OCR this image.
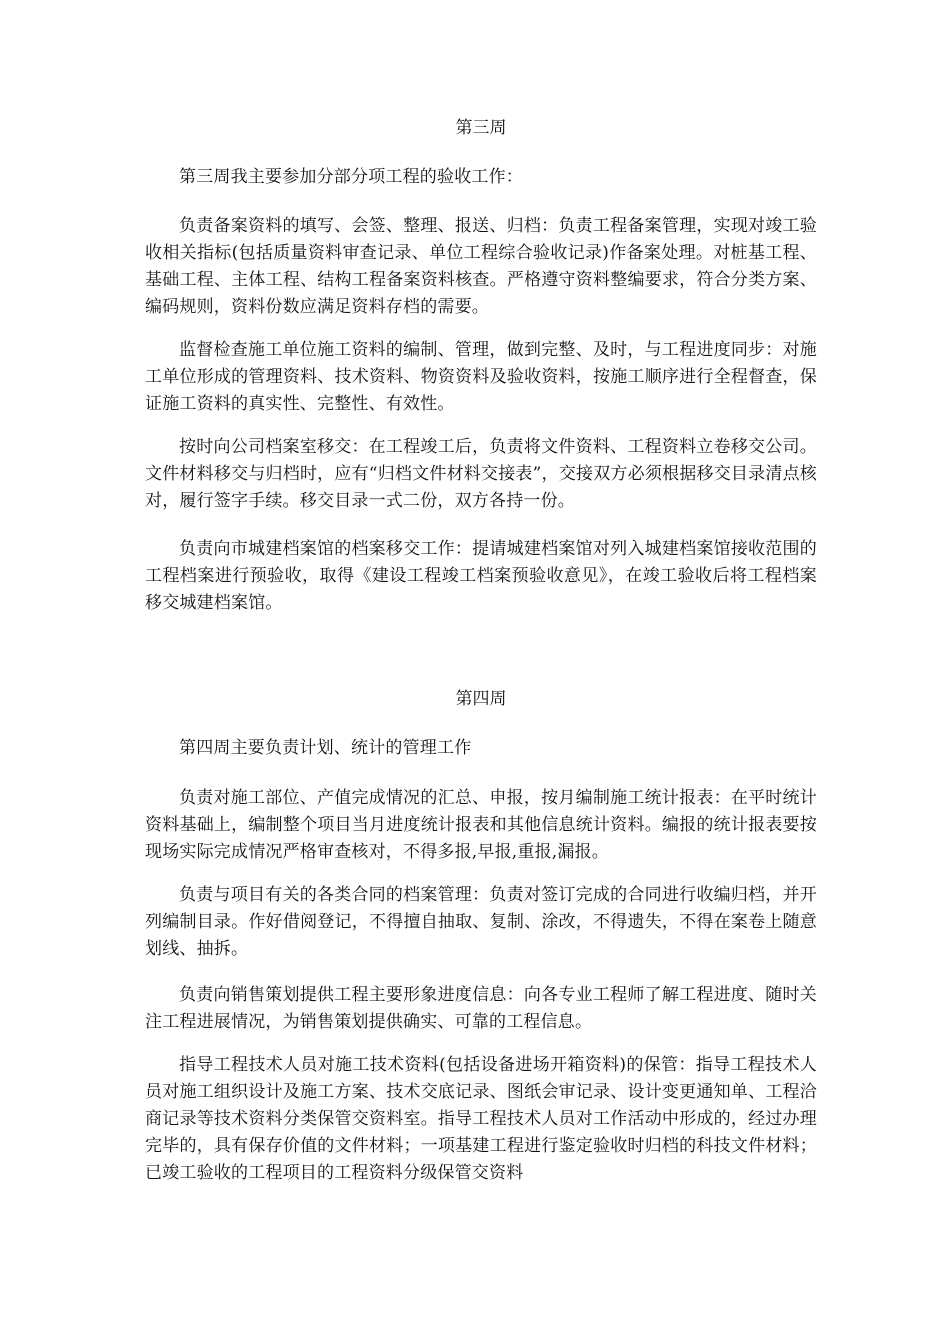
第三周

第三周我主要参加分部分项工程的验收工作：

负责备案资料的填写、会签、整理、报送、归档：负责工程备案管理，实现对竣工验收相关指标(包括质量资料审查记录、单位工程综合验收记录)作备案处理。对桩基工程、基础工程、主体工程、结构工程备案资料核查。严格遵守资料整编要求，符合分类方案、编码规则，资料份数应满足资料存档的需要。

监督检查施工单位施工资料的编制、管理，做到完整、及时，与工程进度同步：对施工单位形成的管理资料、技术资料、物资资料及验收资料，按施工顺序进行全程督查，保证施工资料的真实性、完整性、有效性。

按时向公司档案室移交：在工程竣工后，负责将文件资料、工程资料立卷移交公司。文件材料移交与归档时，应有“归档文件材料交接表”，交接双方必须根据移交目录清点核对，履行签字手续。移交目录一式二份，双方各持一份。

负责向市城建档案馆的档案移交工作：提请城建档案馆对列入城建档案馆接收范围的工程档案进行预验收，取得《建设工程竣工档案预验收意见》，在竣工验收后将工程档案移交城建档案馆。

第四周

第四周主要负责计划、统计的管理工作

负责对施工部位、产值完成情况的汇总、申报，按月编制施工统计报表：在平时统计资料基础上，编制整个项目当月进度统计报表和其他信息统计资料。编报的统计报表要按现场实际完成情况严格审查核对，不得多报,早报,重报,漏报。

负责与项目有关的各类合同的档案管理：负责对签订完成的合同进行收编归档，并开列编制目录。作好借阅登记，不得擅自抽取、复制、涂改，不得遗失，不得在案卷上随意划线、抽拆。

负责向销售策划提供工程主要形象进度信息：向各专业工程师了解工程进度、随时关注工程进展情况，为销售策划提供确实、可靠的工程信息。

指导工程技术人员对施工技术资料(包括设备进场开箱资料)的保管：指导工程技术人员对施工组织设计及施工方案、技术交底记录、图纸会审记录、设计变更通知单、工程洽商记录等技术资料分类保管交资料室。指导工程技术人员对工作活动中形成的，经过办理完毕的，具有保存价值的文件材料；一项基建工程进行鉴定验收时归档的科技文件材料；已竣工验收的工程项目的工程资料分级保管交资料
